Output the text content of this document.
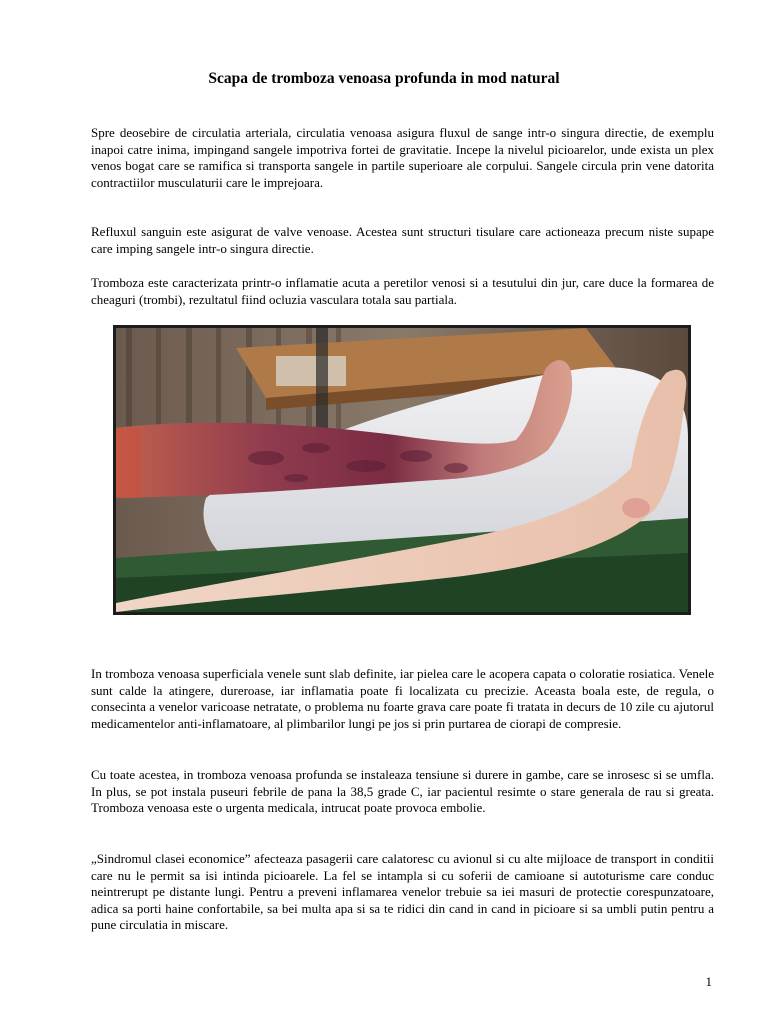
Scapa de tromboza venoasa profunda in mod natural

Spre deosebire de circulatia arteriala, circulatia venoasa asigura fluxul de sange intr-o singura directie, de exemplu inapoi catre inima, impingand sangele impotriva fortei de gravitatie. Incepe la nivelul picioarelor, unde exista un plex venos bogat care se ramifica si transporta sangele in partile superioare ale corpului. Sangele circula prin vene datorita contractiilor musculaturii care le imprejoara.

Refluxul sanguin este asigurat de valve venoase. Acestea sunt structuri tisulare care actioneaza precum niste supape care imping sangele intr-o singura directie.

Tromboza este caracterizata printr-o inflamatie acuta a peretilor venosi si a tesutului din jur, care duce la formarea de cheaguri (trombi), rezultatul fiind ocluzia vasculara totala sau partiala.

In tromboza venoasa superficiala venele sunt slab definite, iar pielea care le acopera capata o coloratie rosiatica. Venele sunt calde la atingere, dureroase, iar inflamatia poate fi localizata cu precizie. Aceasta boala este, de regula, o consecinta a venelor varicoase netratate, o problema nu foarte grava care poate fi tratata in decurs de 10 zile cu ajutorul medicamentelor anti-inflamatoare, al plimbarilor lungi pe jos si prin purtarea de ciorapi de compresie.

Cu toate acestea, in tromboza venoasa profunda se instaleaza tensiune si durere in gambe, care se inrosesc si se umfla. In plus, se pot instala puseuri febrile de pana la 38,5 grade C, iar pacientul resimte o stare generala de rau si greata. Tromboza venoasa este o urgenta medicala, intrucat poate provoca embolie.

„Sindromul clasei economice” afecteaza pasagerii care calatoresc cu avionul si cu alte mijloace de transport in conditii care nu le permit sa isi intinda picioarele. La fel se intampla si cu soferii de camioane si autoturisme care conduc neintrerupt pe distante lungi. Pentru a preveni inflamarea venelor trebuie sa iei masuri de protectie corespunzatoare, adica sa porti haine confortabile, sa bei multa apa si sa te ridici din cand in cand in picioare si sa umbli putin pentru a pune circulatia in miscare.

1
